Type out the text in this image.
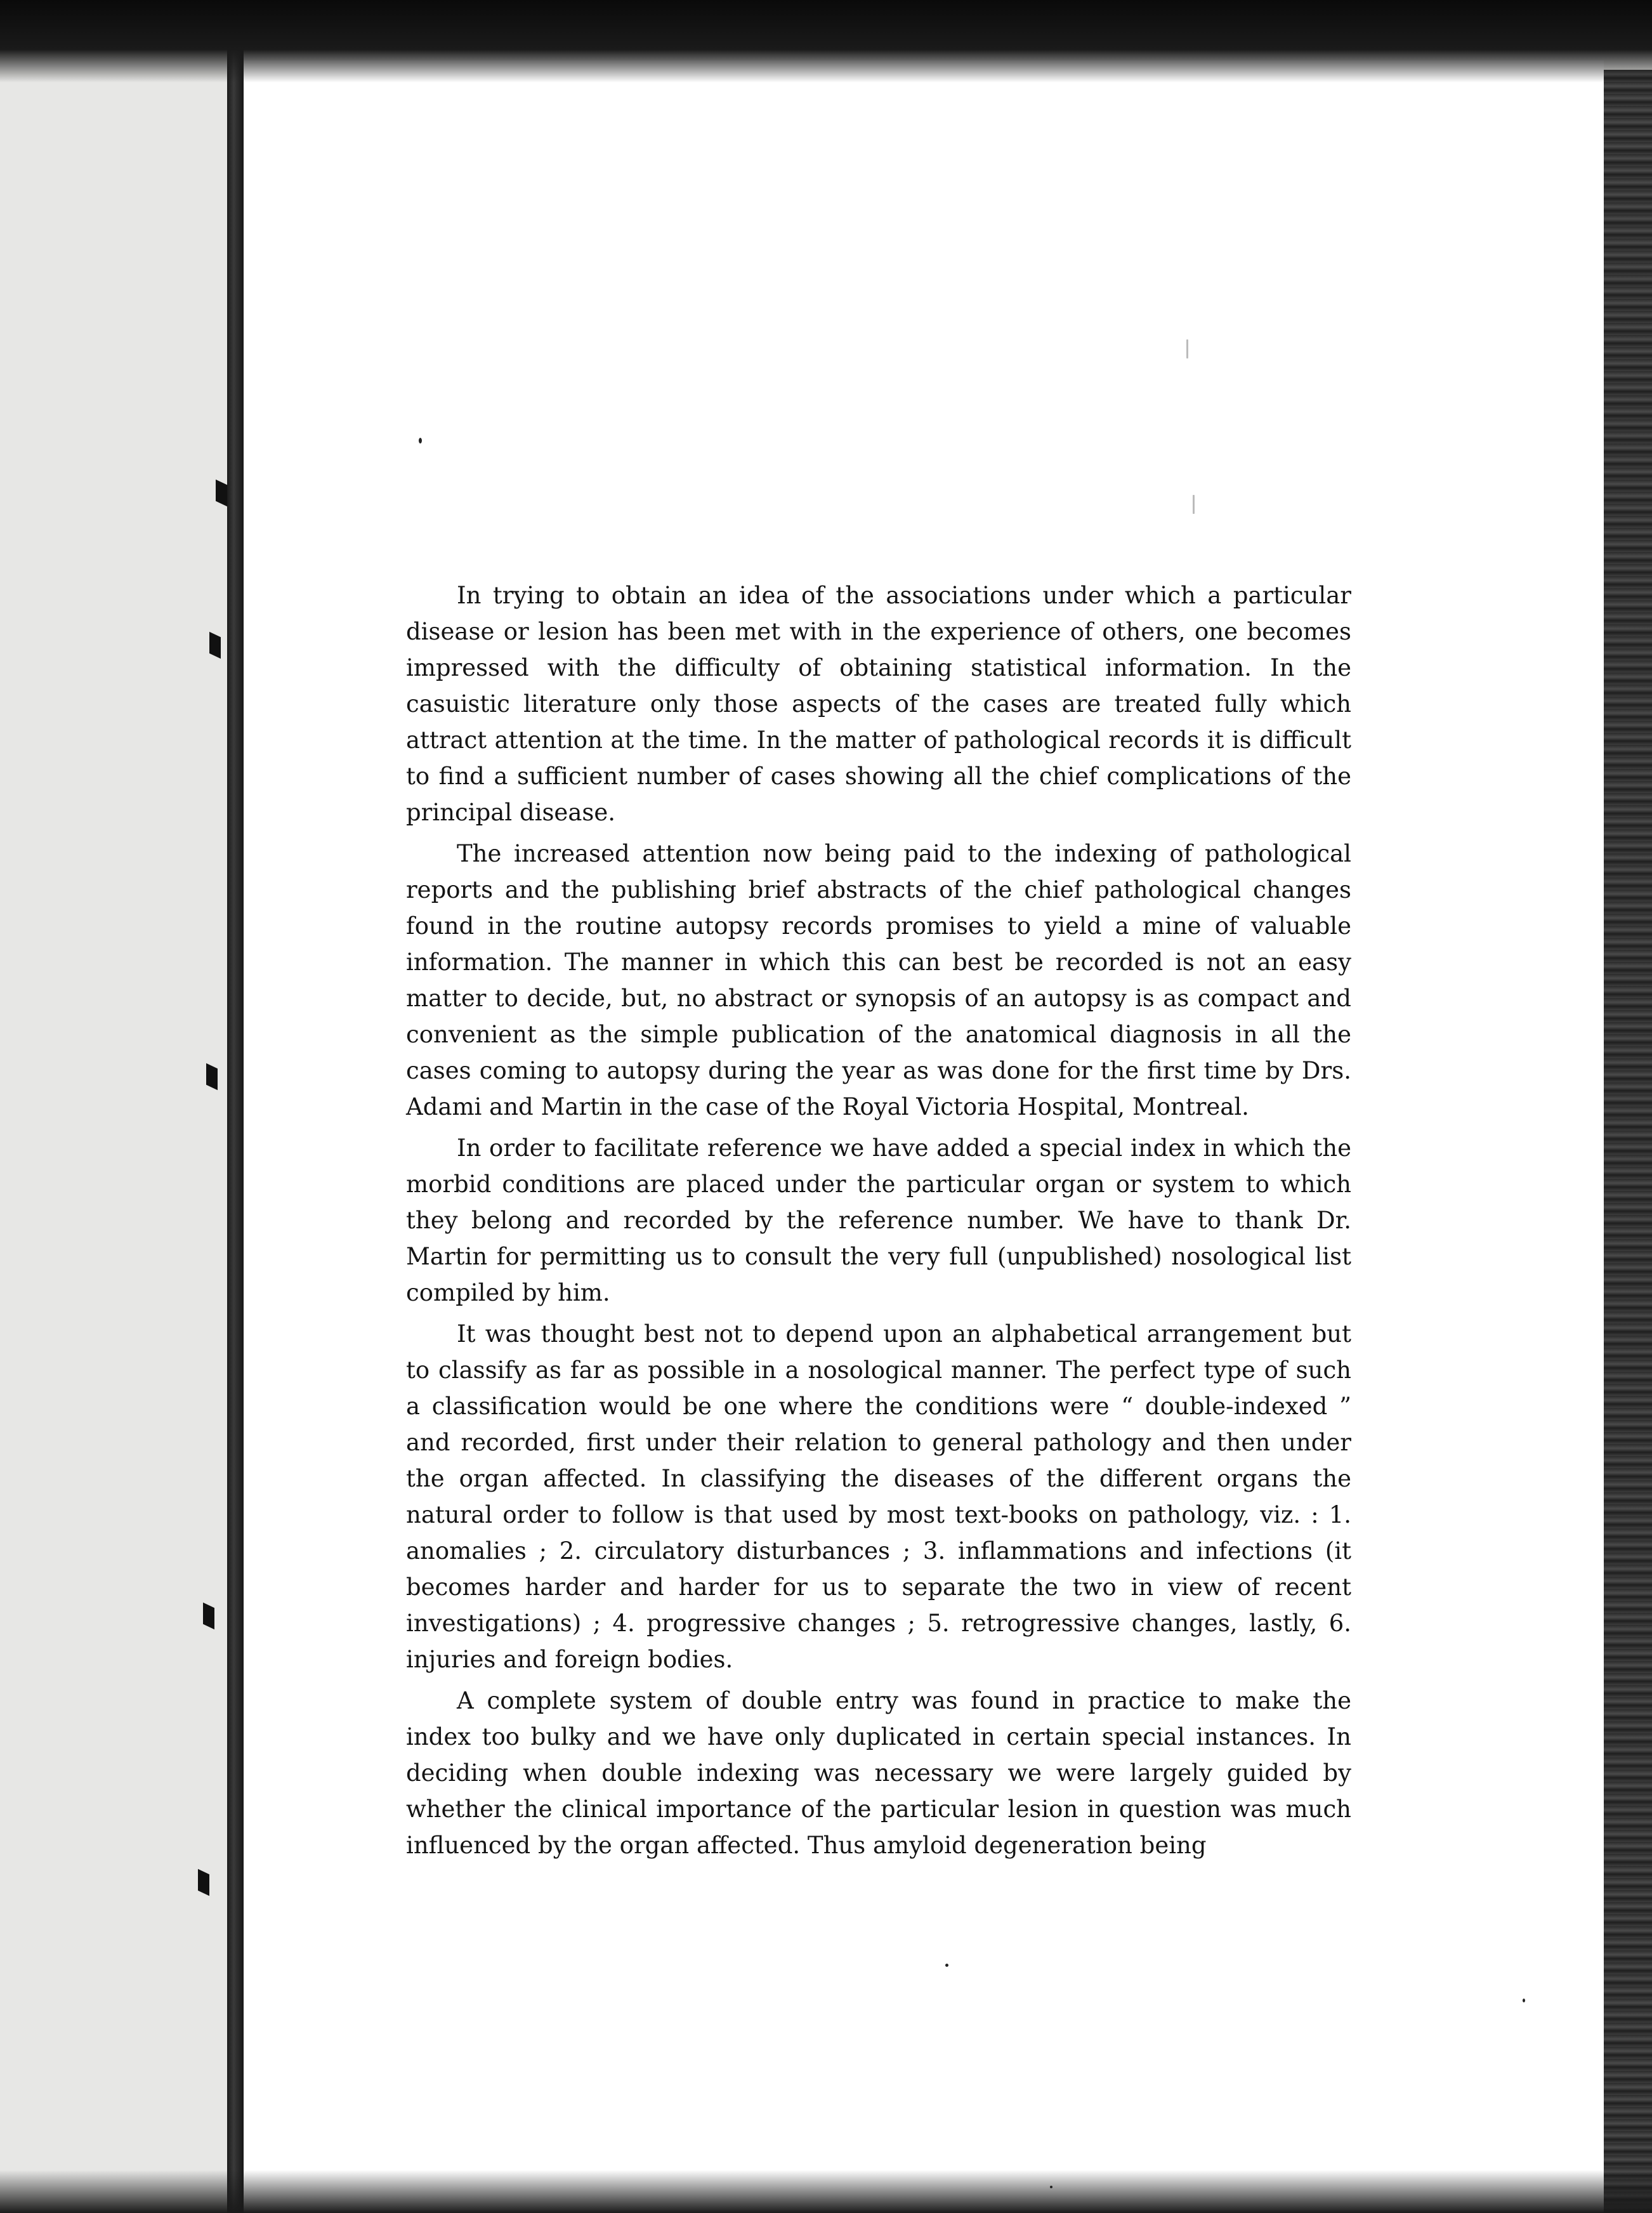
In trying to obtain an idea of the associations under which a particular disease or lesion has been met with in the experience of others, one becomes impressed with the difficulty of obtaining statistical information. In the casuistic literature only those aspects of the cases are treated fully which attract attention at the time. In the matter of pathological records it is difficult to find a sufficient number of cases showing all the chief complications of the principal disease.

The increased attention now being paid to the indexing of pathological reports and the publishing brief abstracts of the chief pathological changes found in the routine autopsy records promises to yield a mine of valuable information. The manner in which this can best be recorded is not an easy matter to decide, but, no abstract or synopsis of an autopsy is as compact and convenient as the simple publication of the anatomical diagnosis in all the cases coming to autopsy during the year as was done for the first time by Drs. Adami and Martin in the case of the Royal Victoria Hospital, Montreal.

In order to facilitate reference we have added a special index in which the morbid conditions are placed under the particular organ or system to which they belong and recorded by the reference number. We have to thank Dr. Martin for permitting us to consult the very full (unpublished) nosological list compiled by him.

It was thought best not to depend upon an alphabetical arrangement but to classify as far as possible in a nosological manner. The perfect type of such a classification would be one where the conditions were “ double-indexed ” and recorded, first under their relation to general pathology and then under the organ affected. In classifying the diseases of the different organs the natural order to follow is that used by most text-books on pathology, viz. : 1. anomalies ; 2. circulatory disturbances ; 3. inflammations and infections (it becomes harder and harder for us to separate the two in view of recent investigations) ; 4. progressive changes ; 5. retrogressive changes, lastly, 6. injuries and foreign bodies.

A complete system of double entry was found in practice to make the index too bulky and we have only duplicated in certain special instances. In deciding when double indexing was necessary we were largely guided by whether the clinical importance of the particular lesion in question was much influenced by the organ affected. Thus amyloid degeneration being
